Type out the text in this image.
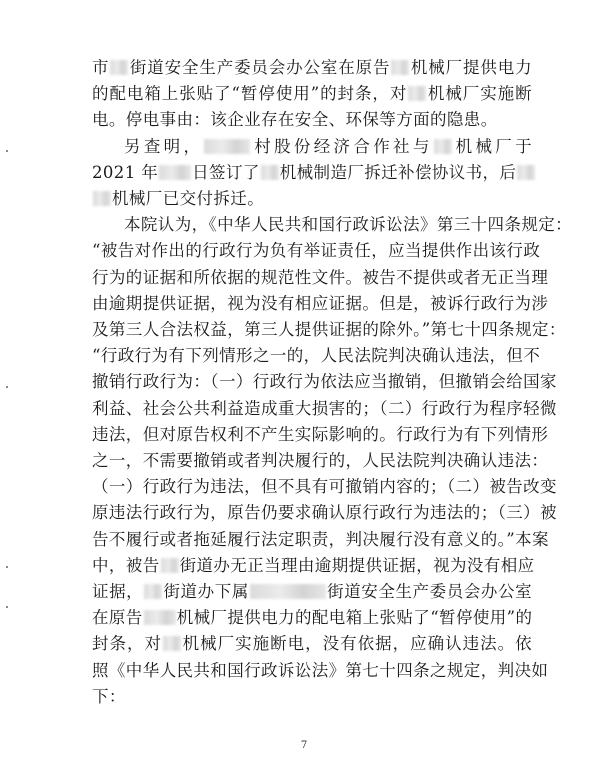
7
市 街道安全生产委员会办公室在原告 机械厂提供电力
的配电箱上张贴了“暂停使用”的封条，对 机械厂实施断
电。停电事由：该企业存在安全、环保等方面的隐患。
另查明，	村股份经济合作社与 机械厂于
2021 年 日签订了 机械制造厂拆迁补偿协议书，后
机械厂已交付拆迁。
本院认为，《中华人民共和国行政诉讼法》第三十四条规定：
“被告对作出的行政行为负有举证责任，应当提供作出该行政
行为的证据和所依据的规范性文件。被告不提供或者无正当理
由逾期提供证据，视为没有相应证据。但是，被诉行政行为涉
及第三人合法权益，第三人提供证据的除外。”第七十四条规定：
“行政行为有下列情形之一的，人民法院判决确认违法，但不
撤销行政行为：（一）行政行为依法应当撤销，但撤销会给国家
利益、社会公共利益造成重大损害的；（二）行政行为程序轻微
违法，但对原告权利不产生实际影响的。行政行为有下列情形
之一，不需要撤销或者判决履行的，人民法院判决确认违法：
（一）行政行为违法，但不具有可撤销内容的；（二）被告改变
原违法行政行为，原告仍要求确认原行政行为违法的；（三）被
告不履行或者拖延履行法定职责，判决履行没有意义的。”本案
中，被告 街道办无正当理由逾期提供证据，视为没有相应
证据， 街道办下属	街道安全生产委员会办公室
在原告 机械厂提供电力的配电箱上张贴了“暂停使用”的
封条，对 机械厂实施断电，没有依据，应确认违法。依
照《中华人民共和国行政诉讼法》第七十四条之规定，判决如
下：
